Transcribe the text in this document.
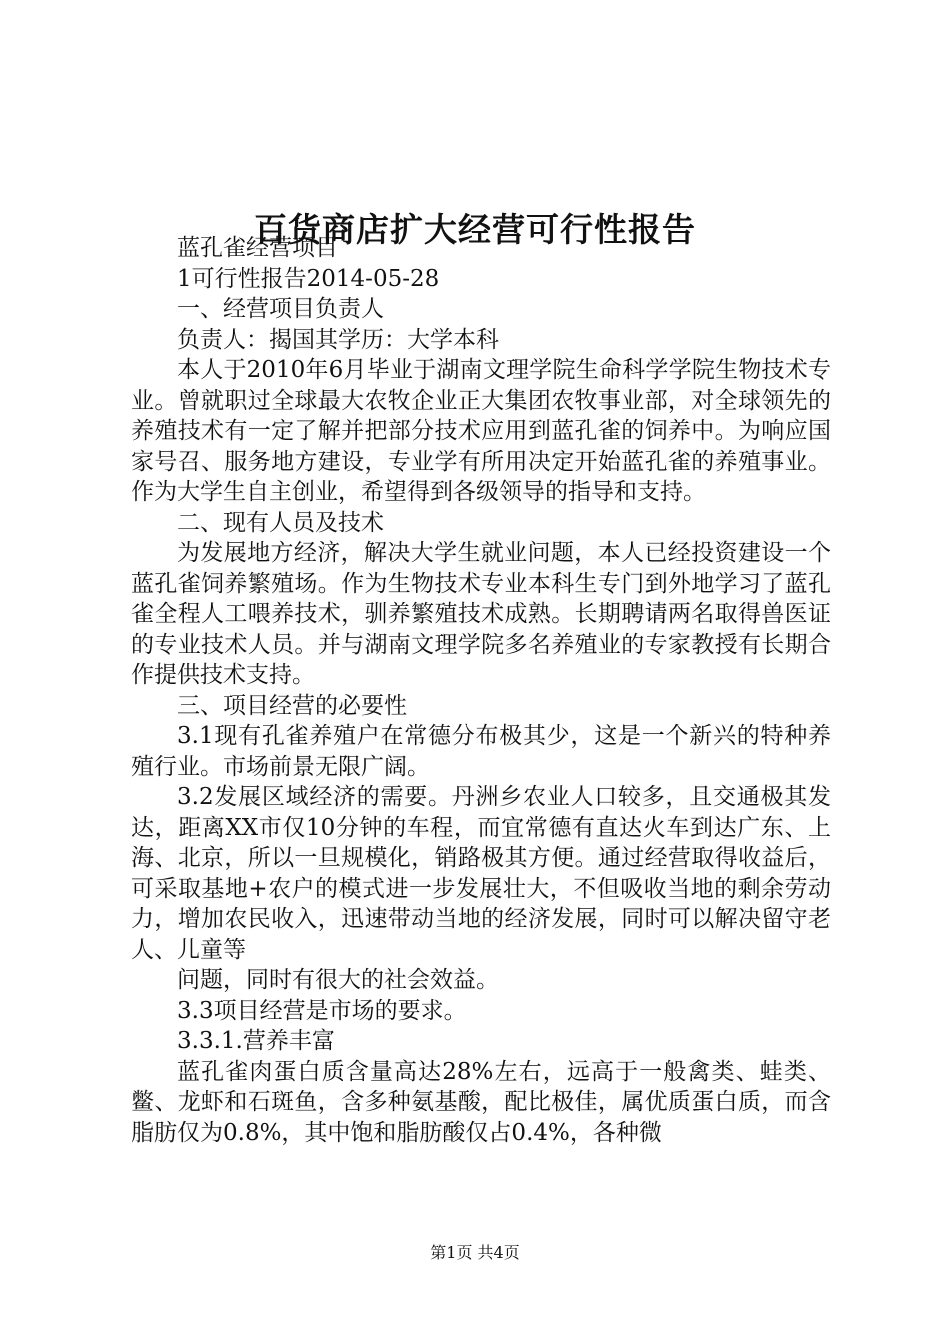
百货商店扩大经营可行性报告

蓝孔雀经营项目

1可行性报告2014-05-28

一、经营项目负责人

负责人：揭国其学历：大学本科

本人于2010年6月毕业于湖南文理学院生命科学学院生物技术专业。曾就职过全球最大农牧企业正大集团农牧事业部，对全球领先的养殖技术有一定了解并把部分技术应用到蓝孔雀的饲养中。为响应国家号召、服务地方建设，专业学有所用决定开始蓝孔雀的养殖事业。作为大学生自主创业，希望得到各级领导的指导和支持。

二、现有人员及技术

为发展地方经济，解决大学生就业问题，本人已经投资建设一个蓝孔雀饲养繁殖场。作为生物技术专业本科生专门到外地学习了蓝孔雀全程人工喂养技术，驯养繁殖技术成熟。长期聘请两名取得兽医证的专业技术人员。并与湖南文理学院多名养殖业的专家教授有长期合作提供技术支持。

三、项目经营的必要性

3.1现有孔雀养殖户在常德分布极其少，这是一个新兴的特种养殖行业。市场前景无限广阔。

3.2发展区域经济的需要。丹洲乡农业人口较多，且交通极其发达，距离XX市仅10分钟的车程，而宜常德有直达火车到达广东、上海、北京，所以一旦规模化，销路极其方便。通过经营取得收益后，可采取基地+农户的模式进一步发展壮大，不但吸收当地的剩余劳动力，增加农民收入，迅速带动当地的经济发展，同时可以解决留守老人、儿童等

问题，同时有很大的社会效益。

3.3项目经营是市场的要求。

3.3.1.营养丰富

蓝孔雀肉蛋白质含量高达28%左右，远高于一般禽类、蛙类、鳖、龙虾和石斑鱼，含多种氨基酸，配比极佳，属优质蛋白质，而含脂肪仅为0.8%，其中饱和脂肪酸仅占0.4%，各种微

第1页 共4页
